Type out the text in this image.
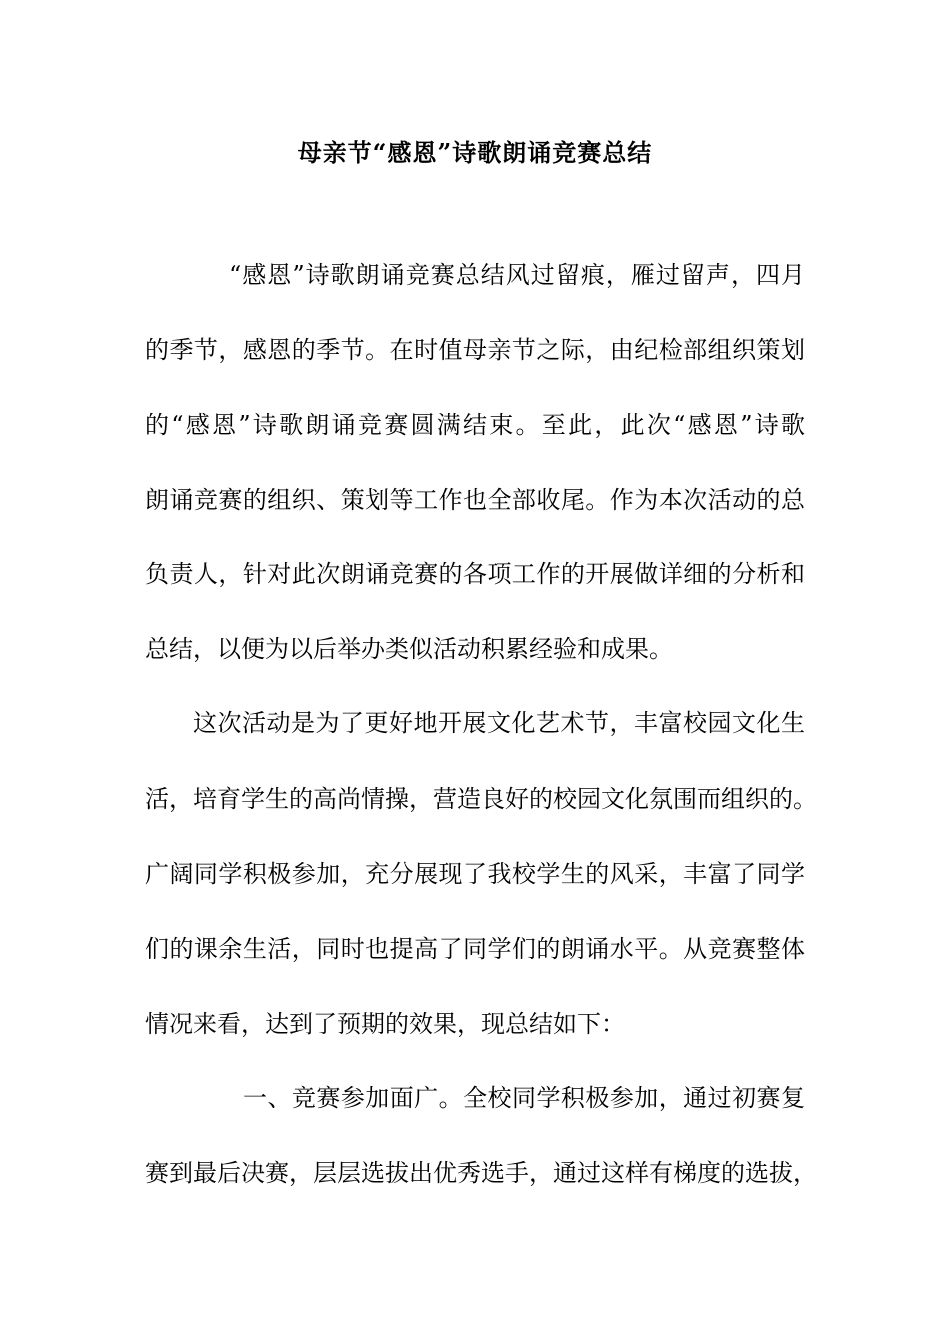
母亲节“感恩”诗歌朗诵竞赛总结

“感恩”诗歌朗诵竞赛总结风过留痕，雁过留声，四月

的季节，感恩的季节。在时值母亲节之际，由纪检部组织策划

的“感恩”诗歌朗诵竞赛圆满结束。至此，此次“感恩”诗歌

朗诵竞赛的组织、策划等工作也全部收尾。作为本次活动的总

负责人，针对此次朗诵竞赛的各项工作的开展做详细的分析和

总结，以便为以后举办类似活动积累经验和成果。

这次活动是为了更好地开展文化艺术节，丰富校园文化生

活，培育学生的高尚情操，营造良好的校园文化氛围而组织的。

广阔同学积极参加，充分展现了我校学生的风采，丰富了同学

们的课余生活，同时也提高了同学们的朗诵水平。从竞赛整体

情况来看，达到了预期的效果，现总结如下：

一、竞赛参加面广。全校同学积极参加，通过初赛复

赛到最后决赛，层层选拔出优秀选手，通过这样有梯度的选拔，
